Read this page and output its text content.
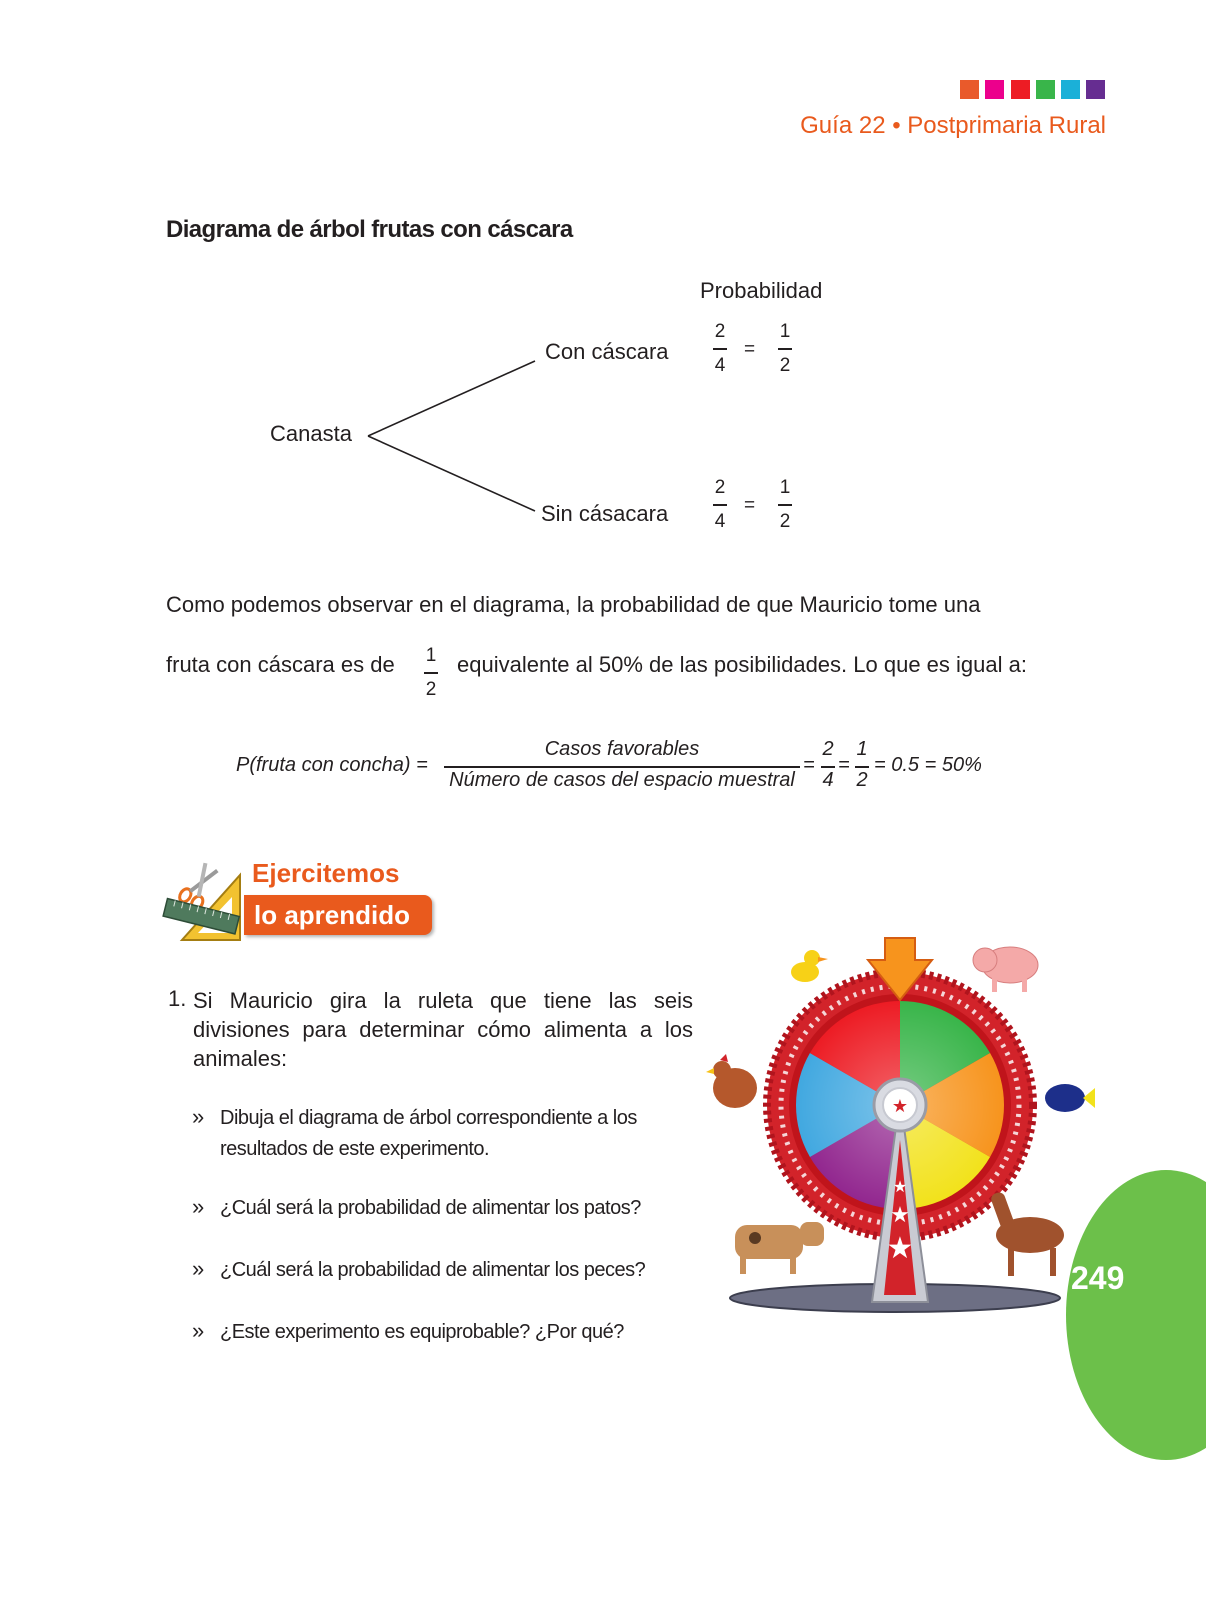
Guía 22 • Postprimaria Rural
Diagrama de árbol frutas con cáscara
Probabilidad
Canasta
Con cáscara
2
4
=
1
2
Sin cásacara
2
4
=
1
2
Como podemos observar en el diagrama, la probabilidad de que Mauricio tome una
fruta con cáscara es de	1
2
equivalente al 50% de las posibilidades. Lo que es igual a:
P(fruta con concha) =
Casos favorables
Número de casos del espacio muestral
=
2
4
=
1
2
= 0.5 = 50%
Ejercitemos
lo aprendido
1. Si Mauricio gira la ruleta que tiene las seis divisiones para determinar cómo alimenta a los animales:
» Dibuja el diagrama de árbol correspondiente a los
resultados de este experimento.
» ¿Cuál será la probabilidad de alimentar los patos?
» ¿Cuál será la probabilidad de alimentar los peces?
» ¿Este experimento es equiprobable? ¿Por qué?
★
★
★
★
249
